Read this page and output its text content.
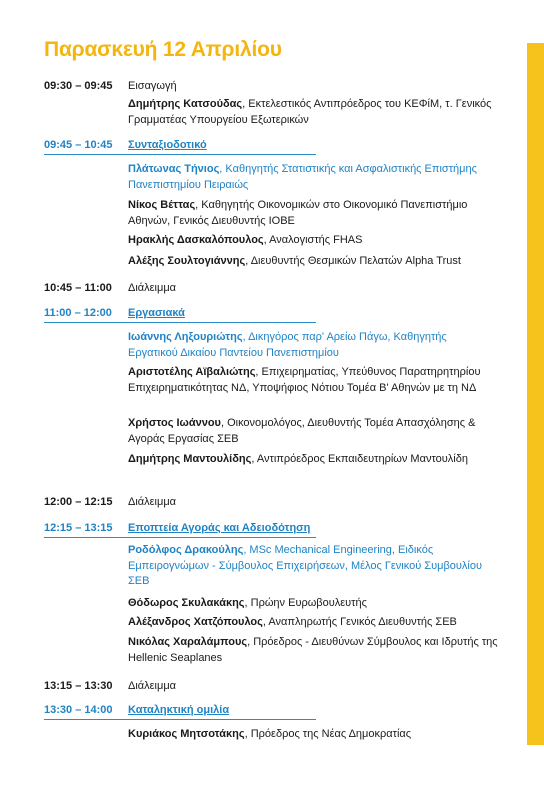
Παρασκευή 12 Απριλίου
09:30 – 09:45	Εισαγωγή
Δημήτρης Κατσούδας, Εκτελεστικός Αντιπρόεδρος του ΚΕΦίΜ, τ. Γενικός Γραμματέας Υπουργείου Εξωτερικών
09:45 – 10:45	Συνταξιοδοτικό
Πλάτωνας Τήνιος, Καθηγητής Στατιστικής και Ασφαλιστικής Επιστήμης Πανεπιστημίου Πειραιώς
Νίκος Βέττας, Καθηγητής Οικονομικών στο Οικονομικό Πανεπιστήμιο Αθηνών, Γενικός Διευθυντής ΙΟΒΕ
Ηρακλής Δασκαλόπουλος, Αναλογιστής FHAS
Αλέξης Σουλτογιάννης, Διευθυντής Θεσμικών Πελατών Alpha Trust
10:45 – 11:00	Διάλειμμα
11:00 – 12:00	Εργασιακά
Ιωάννης Ληξουριώτης, Δικηγόρος παρ' Αρείω Πάγω, Καθηγητής Εργατικού Δικαίου Παντείου Πανεπιστημίου
Αριστοτέλης Αϊβαλιώτης, Επιχειρηματίας, Υπεύθυνος Παρατηρητηρίου Επιχειρηματικότητας ΝΔ, Υποψήφιος Νότιου Τομέα Β' Αθηνών με τη ΝΔ
Χρήστος Ιωάννου, Οικονομολόγος, Διευθυντής Τομέα Απασχόλησης & Αγοράς Εργασίας ΣΕΒ
Δημήτρης Μαντουλίδης, Αντιπρόεδρος Εκπαιδευτηρίων Μαντουλίδη
12:00 – 12:15	Διάλειμμα
12:15 – 13:15	Εποπτεία Αγοράς και Αδειοδότηση
Ροδόλφος Δρακούλης, MSc Mechanical Engineering, Ειδικός Εμπειρογνώμων - Σύμβουλος Επιχειρήσεων, Μέλος Γενικού Συμβουλίου ΣΕΒ
Θόδωρος Σκυλακάκης, Πρώην Ευρωβουλευτής
Αλέξανδρος Χατζόπουλος, Αναπληρωτής Γενικός Διευθυντής ΣΕΒ
Νικόλας Χαραλάμπους, Πρόεδρος - Διευθύνων Σύμβουλος και Ιδρυτής της Hellenic Seaplanes
13:15 – 13:30	Διάλειμμα
13:30 – 14:00	Καταληκτική ομιλία
Κυριάκος Μητσοτάκης, Πρόεδρος της Νέας Δημοκρατίας
